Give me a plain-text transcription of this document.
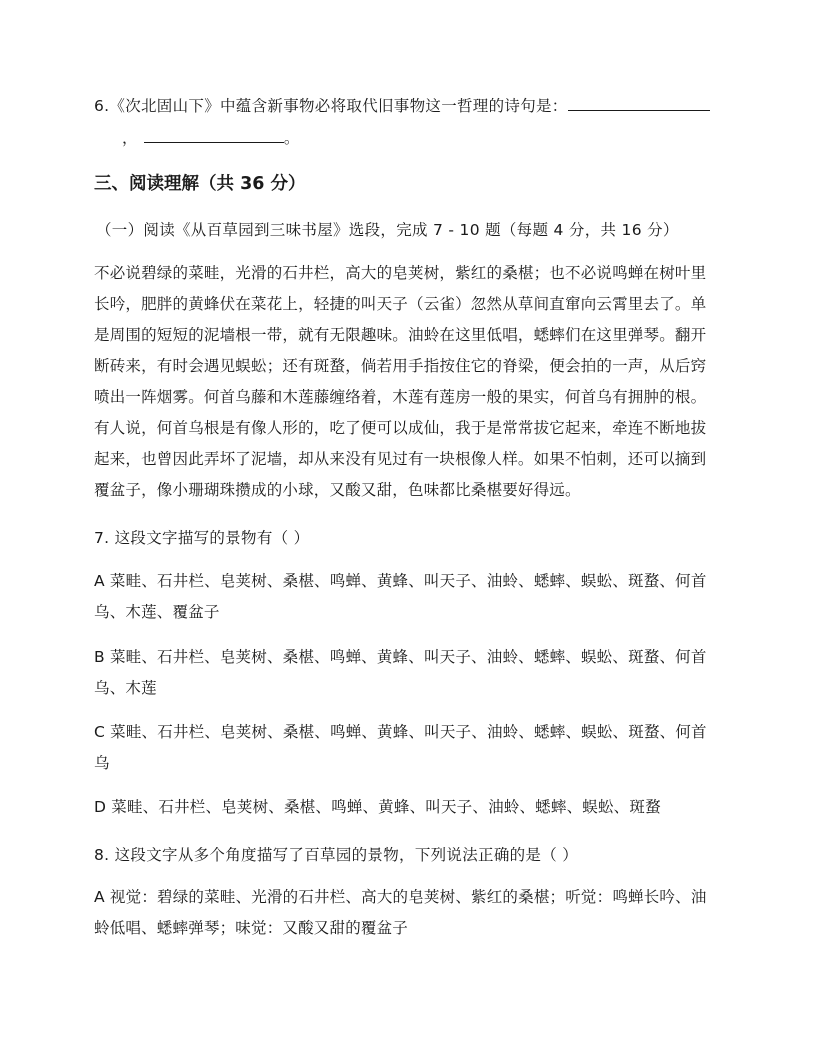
6.《次北固山下》中蕴含新事物必将取代旧事物这一哲理的诗句是：
，	。
三、阅读理解（共 36 分）
（一）阅读《从百草园到三味书屋》选段，完成 7 - 10 题（每题 4 分，共 16 分）
不必说碧绿的菜畦，光滑的石井栏，高大的皂荚树，紫红的桑椹；也不必说鸣蝉在树叶里
长吟，肥胖的黄蜂伏在菜花上，轻捷的叫天子（云雀）忽然从草间直窜向云霄里去了。单
是周围的短短的泥墙根一带，就有无限趣味。油蛉在这里低唱，蟋蟀们在这里弹琴。翻开
断砖来，有时会遇见蜈蚣；还有斑蝥，倘若用手指按住它的脊梁，便会拍的一声，从后窍
喷出一阵烟雾。何首乌藤和木莲藤缠络着，木莲有莲房一般的果实，何首乌有拥肿的根。
有人说，何首乌根是有像人形的，吃了便可以成仙，我于是常常拔它起来，牵连不断地拔
起来，也曾因此弄坏了泥墙，却从来没有见过有一块根像人样。如果不怕刺，还可以摘到
覆盆子，像小珊瑚珠攒成的小球，又酸又甜，色味都比桑椹要好得远。
7. 这段文字描写的景物有（ ）
A 菜畦、石井栏、皂荚树、桑椹、鸣蝉、黄蜂、叫天子、油蛉、蟋蟀、蜈蚣、斑蝥、何首
乌、木莲、覆盆子
B 菜畦、石井栏、皂荚树、桑椹、鸣蝉、黄蜂、叫天子、油蛉、蟋蟀、蜈蚣、斑蝥、何首
乌、木莲
C 菜畦、石井栏、皂荚树、桑椹、鸣蝉、黄蜂、叫天子、油蛉、蟋蟀、蜈蚣、斑蝥、何首
乌
D 菜畦、石井栏、皂荚树、桑椹、鸣蝉、黄蜂、叫天子、油蛉、蟋蟀、蜈蚣、斑蝥
8. 这段文字从多个角度描写了百草园的景物，下列说法正确的是（ ）
A 视觉：碧绿的菜畦、光滑的石井栏、高大的皂荚树、紫红的桑椹；听觉：鸣蝉长吟、油
蛉低唱、蟋蟀弹琴；味觉：又酸又甜的覆盆子
